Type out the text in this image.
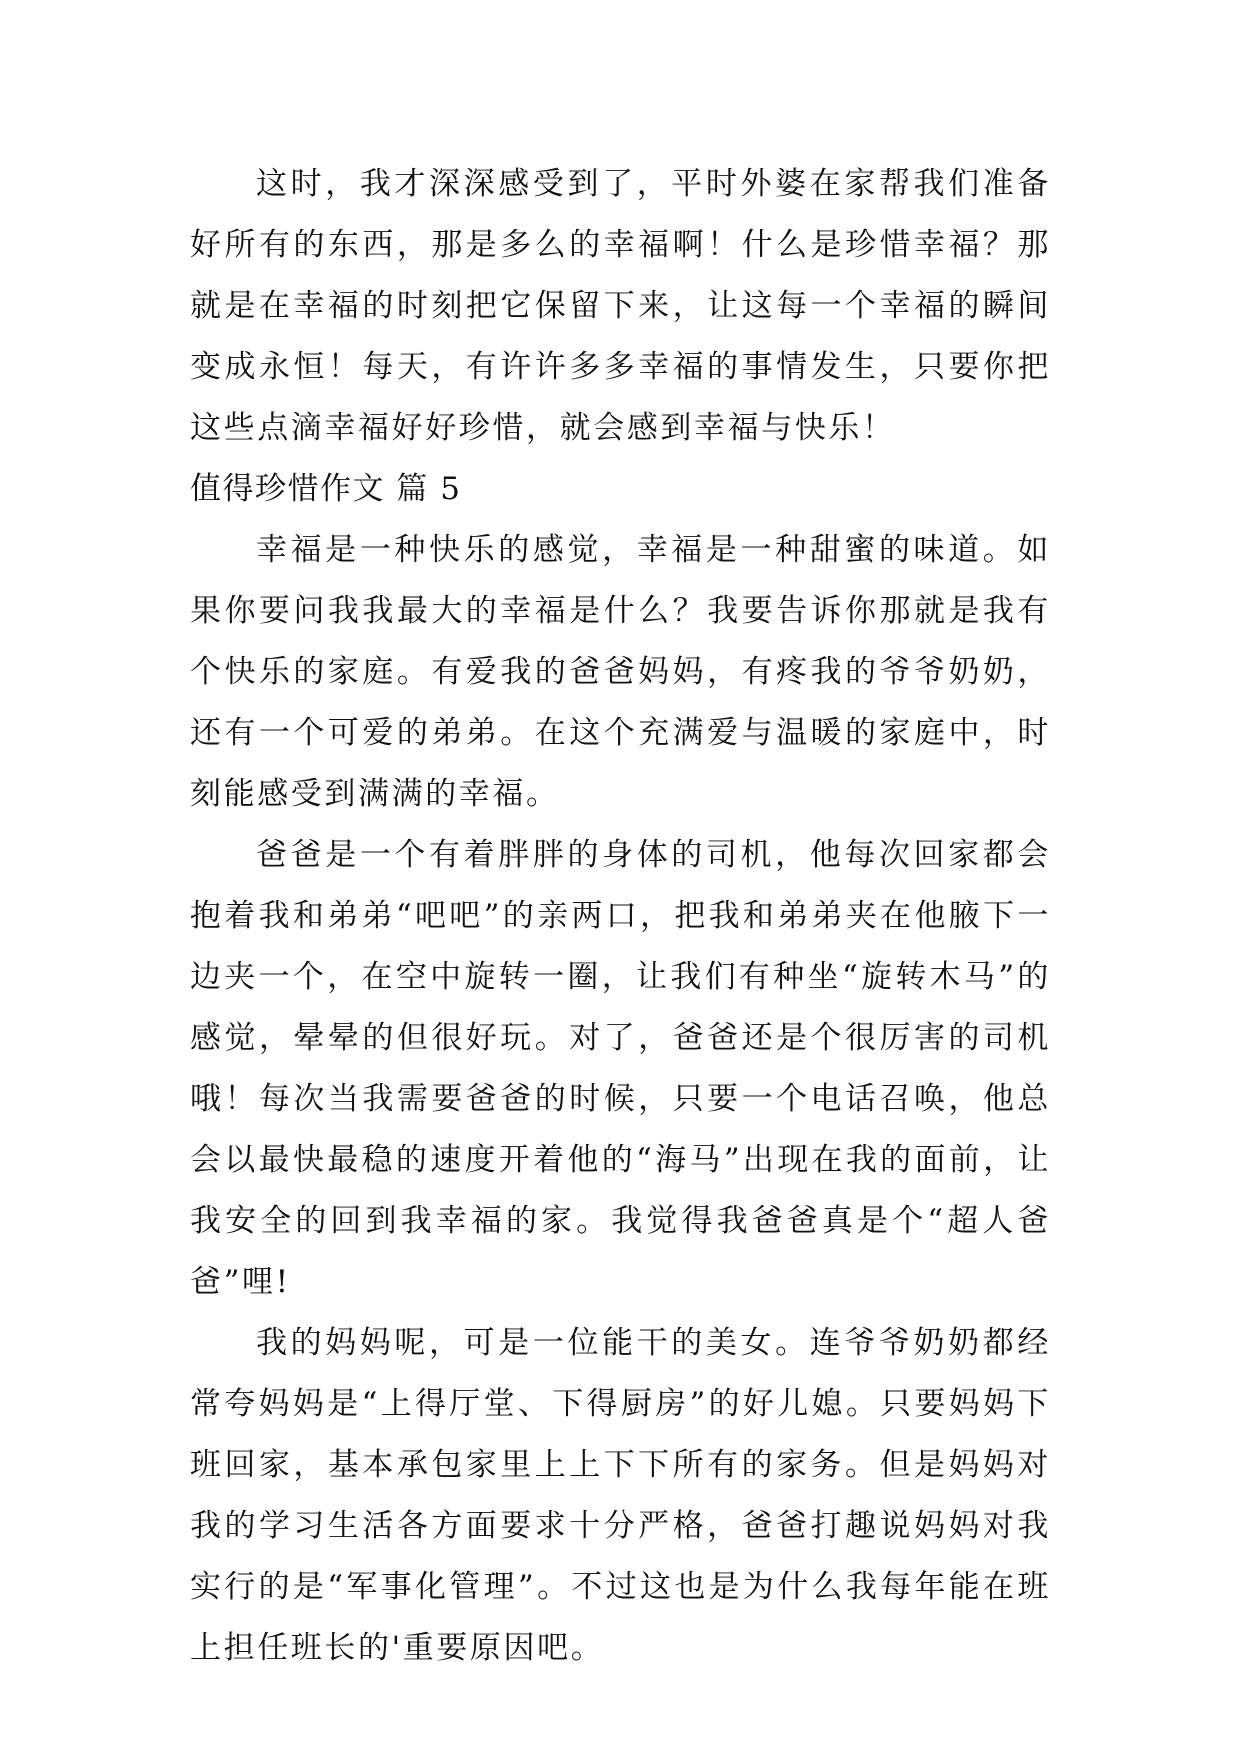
这时，我才深深感受到了，平时外婆在家帮我们准备好所有的东西，那是多么的幸福啊！什么是珍惜幸福？那就是在幸福的时刻把它保留下来，让这每一个幸福的瞬间变成永恒！每天，有许许多多幸福的事情发生，只要你把这些点滴幸福好好珍惜，就会感到幸福与快乐！

值得珍惜作文 篇 5

幸福是一种快乐的感觉，幸福是一种甜蜜的味道。如果你要问我我最大的幸福是什么？我要告诉你那就是我有个快乐的家庭。有爱我的爸爸妈妈，有疼我的爷爷奶奶，还有一个可爱的弟弟。在这个充满爱与温暖的家庭中，时刻能感受到满满的幸福。

爸爸是一个有着胖胖的身体的司机，他每次回家都会抱着我和弟弟“吧吧”的亲两口，把我和弟弟夹在他腋下一边夹一个，在空中旋转一圈，让我们有种坐“旋转木马”的感觉，晕晕的但很好玩。对了，爸爸还是个很厉害的司机哦！每次当我需要爸爸的时候，只要一个电话召唤，他总会以最快最稳的速度开着他的“海马”出现在我的面前，让我安全的回到我幸福的家。我觉得我爸爸真是个“超人爸爸”哩!

我的妈妈呢，可是一位能干的美女。连爷爷奶奶都经常夸妈妈是“上得厅堂、下得厨房”的好儿媳。只要妈妈下班回家，基本承包家里上上下下所有的家务。但是妈妈对我的学习生活各方面要求十分严格，爸爸打趣说妈妈对我实行的是“军事化管理”。不过这也是为什么我每年能在班上担任班长的'重要原因吧。
